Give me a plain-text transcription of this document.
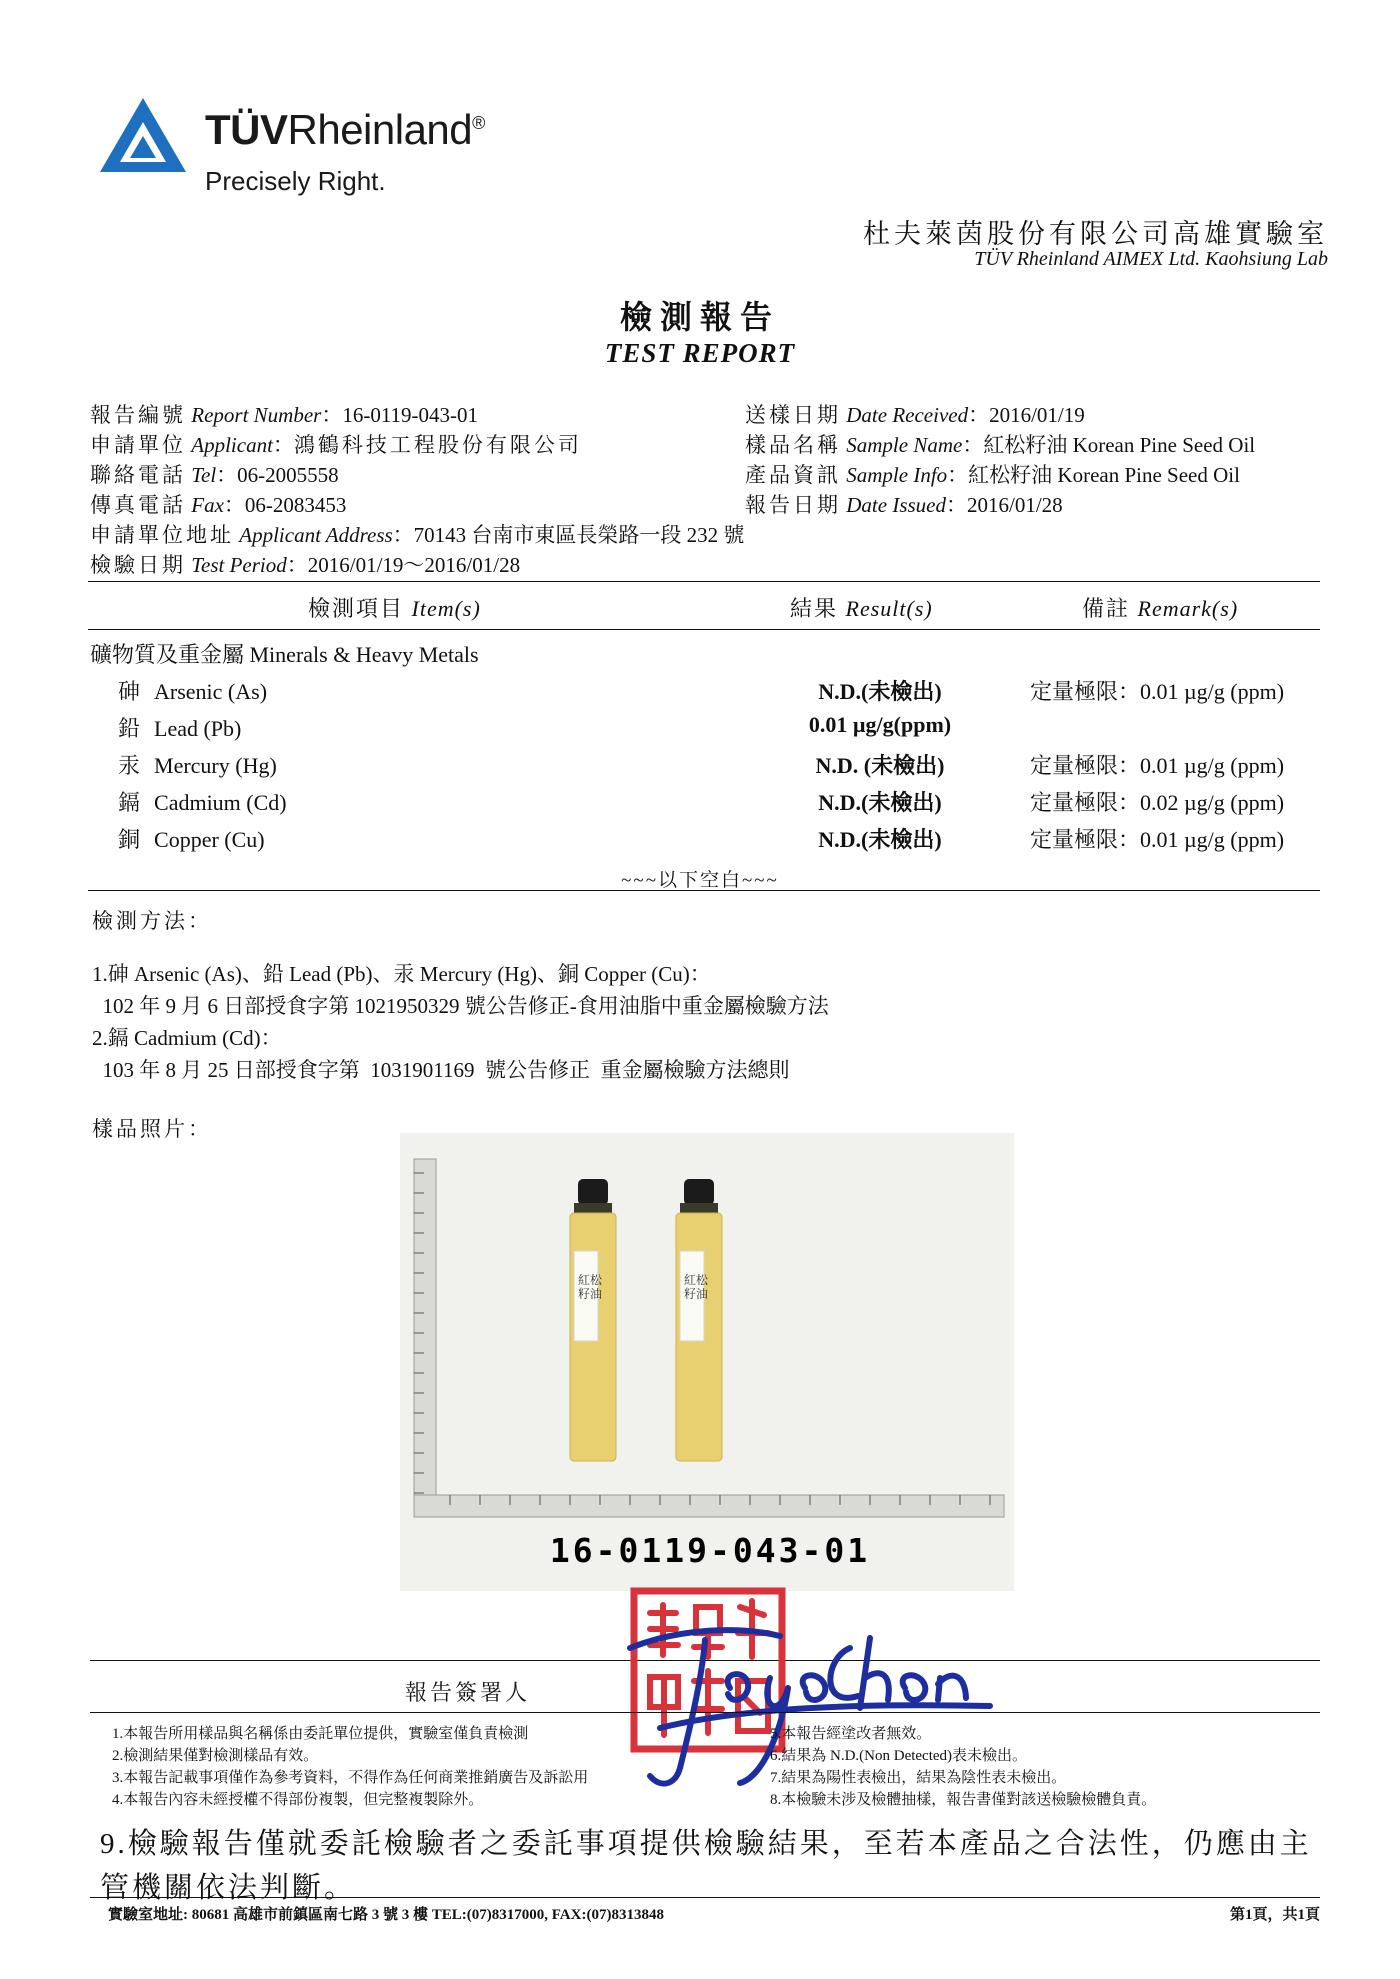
TÜVRheinland®
Precisely Right.
杜夫萊茵股份有限公司高雄實驗室
TÜV Rheinland AIMEX Ltd. Kaohsiung Lab
檢測報告
TEST REPORT
報告編號 Report Number：16-0119-043-01
申請單位 Applicant：鴻鶴科技工程股份有限公司
聯絡電話 Tel：06-2005558
傳真電話 Fax：06-2083453
申請單位地址 Applicant Address：70143 台南市東區長榮路一段 232 號
檢驗日期 Test Period：2016/01/19～2016/01/28
送樣日期 Date Received：2016/01/19
樣品名稱 Sample Name：紅松籽油 Korean Pine Seed Oil
產品資訊 Sample Info：紅松籽油 Korean Pine Seed Oil
報告日期 Date Issued：2016/01/28
檢測項目 Item(s)	結果 Result(s)	備註 Remark(s)
礦物質及重金屬 Minerals & Heavy Metals
砷 Arsenic (As)	N.D.(未檢出)	定量極限：0.01 µg/g (ppm)
鉛 Lead (Pb)	0.01 µg/g(ppm)
汞 Mercury (Hg)	N.D. (未檢出)	定量極限：0.01 µg/g (ppm)
鎘 Cadmium (Cd)	N.D.(未檢出)	定量極限：0.02 µg/g (ppm)
銅 Copper (Cu)	N.D.(未檢出)	定量極限：0.01 µg/g (ppm)
~~~以下空白~~~
檢測方法：
1.砷 Arsenic (As)、鉛 Lead (Pb)、汞 Mercury (Hg)、銅 Copper (Cu)：
102 年 9 月 6 日部授食字第 1021950329 號公告修正-食用油脂中重金屬檢驗方法
2.鎘 Cadmium (Cd)：
103 年 8 月 25 日部授食字第  1031901169  號公告修正  重金屬檢驗方法總則
樣品照片：
紅松籽油
紅松籽油
16-0119-043-01
報告簽署人
1.本報告所用樣品與名稱係由委託單位提供，實驗室僅負責檢測
2.檢測結果僅對檢測樣品有效。
3.本報告記載事項僅作為參考資料，不得作為任何商業推銷廣告及訴訟用
4.本報告內容未經授權不得部份複製，但完整複製除外。
5.本報告經塗改者無效。
6.結果為 N.D.(Non Detected)表未檢出。
7.結果為陽性表檢出，結果為陰性表未檢出。
8.本檢驗未涉及檢體抽樣，報告書僅對該送檢驗檢體負責。
9.檢驗報告僅就委託檢驗者之委託事項提供檢驗結果，至若本產品之合法性，仍應由主管機關依法判斷。
實驗室地址: 80681 高雄市前鎮區南七路 3 號 3 樓 TEL:(07)8317000, FAX:(07)8313848	第1頁，共1頁
